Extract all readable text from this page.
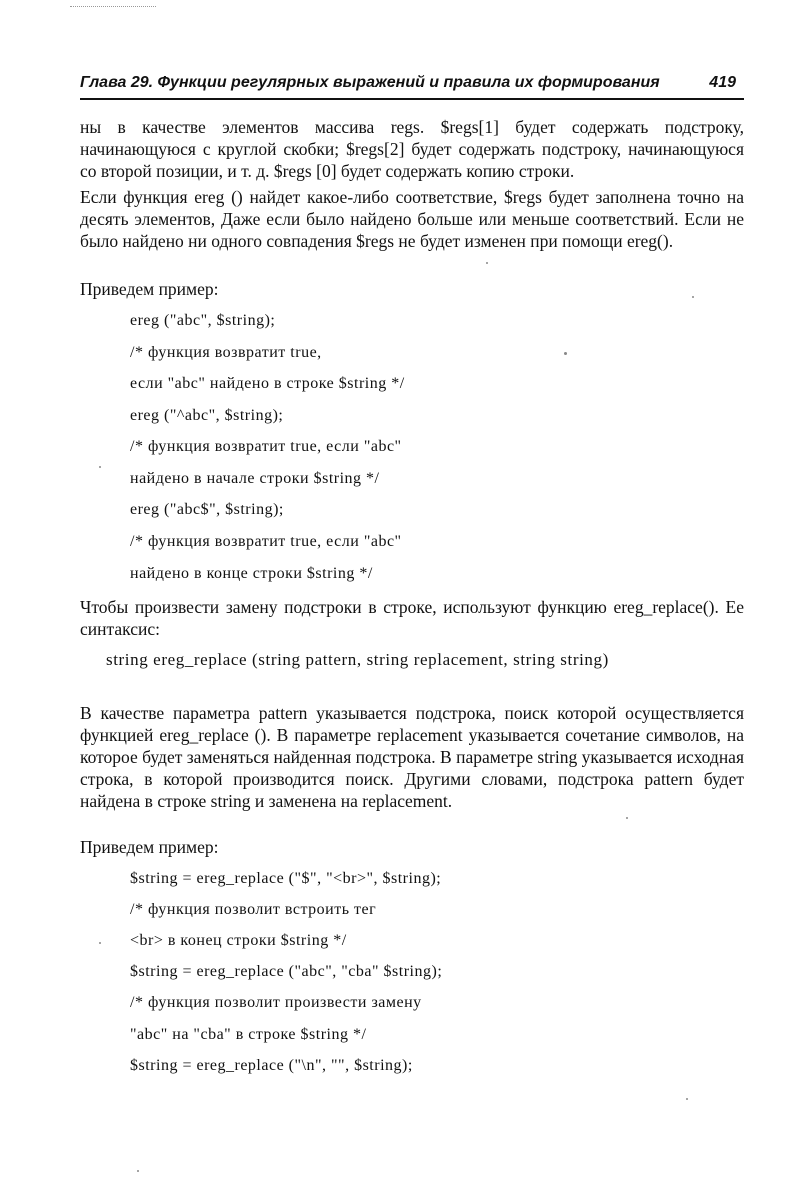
Глава 29. Функции регулярных выражений и правила их формирования	419

ны в качестве элементов массива regs. $regs[1] будет содержать подстроку, начинающуюся с круглой скобки; $regs[2] будет содержать подстроку, начинающуюся со второй позиции, и т. д. $regs [0] будет содержать копию строки.

Если функция ereg () найдет какое-либо соответствие, $regs будет заполнена точно на десять элементов, Даже если было найдено больше или меньше соответствий. Если не было найдено ни одного совпадения $regs не будет изменен при помощи ereg().

Приведем пример:

ereg ("abc", $string);

/* функция возвратит true,

если "abc" найдено в строке $string */

ereg ("^abc", $string);

/* функция возвратит true, если "abc"

найдено в начале строки $string */

ereg ("abc$", $string);

/* функция возвратит true, если "abc"

найдено в конце строки $string */

Чтобы произвести замену подстроки в строке, используют функцию ereg_replace(). Ее синтаксис:

string ereg_replace (string pattern, string replacement, string string)

В качестве параметра pattern указывается подстрока, поиск которой осуществляется функцией ereg_replace (). В параметре replacement указывается сочетание символов, на которое будет заменяться найденная подстрока. В параметре string указывается исходная строка, в которой производится поиск. Другими словами, подстрока pattern будет найдена в строке string и заменена на replacement.

Приведем пример:

$string = ereg_replace ("$", "<br>", $string);

/* функция позволит встроить тег

<br> в конец строки $string */

$string = ereg_replace ("abc", "cba" $string);

/* функция позволит произвести замену

"abc" на "cba" в строке $string */

$string = ereg_replace ("\n", "", $string);
